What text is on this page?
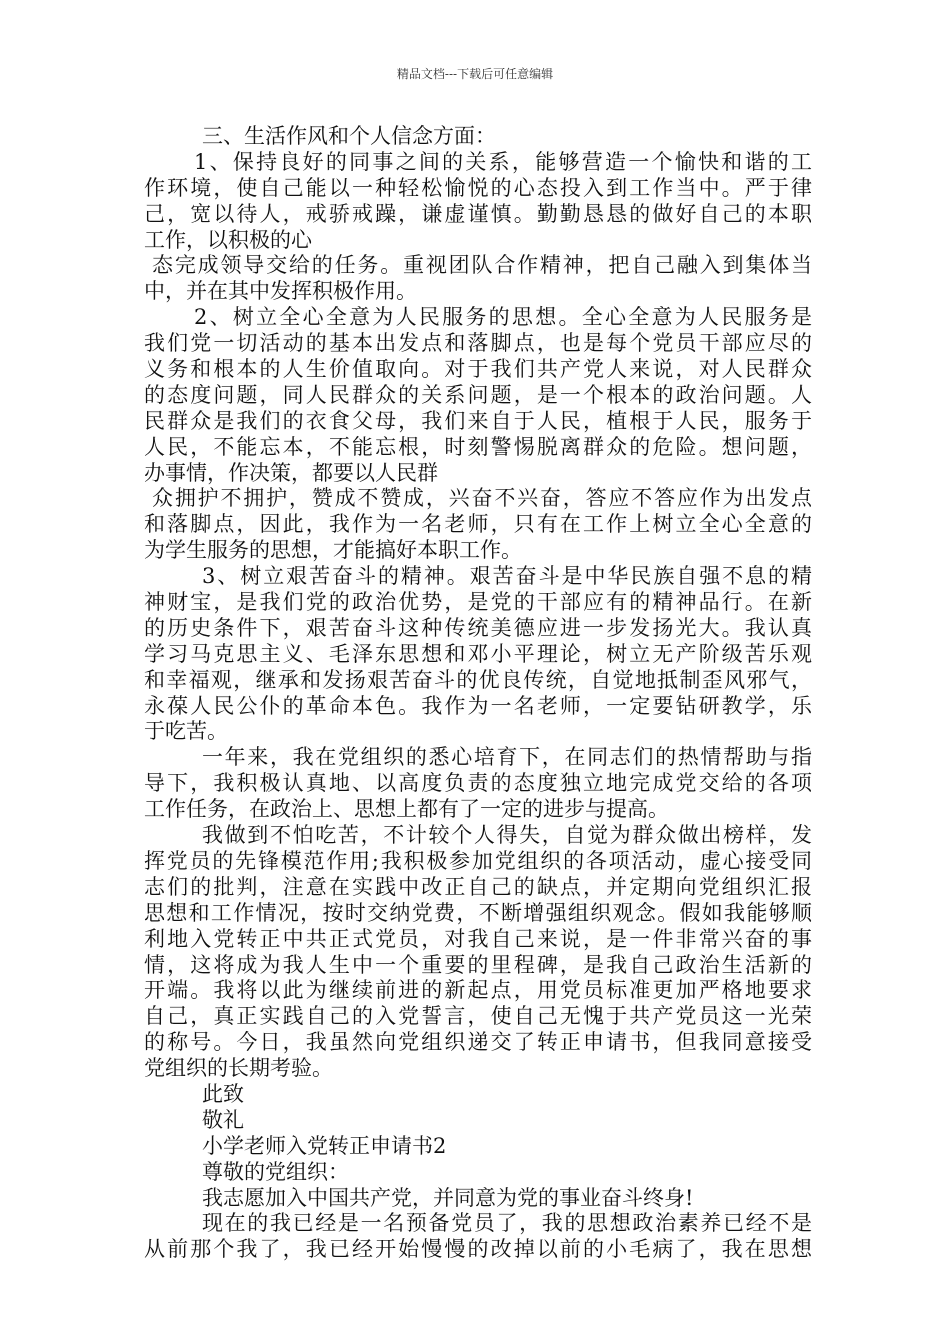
精品文档---下载后可任意编辑
三、生活作风和个人信念方面：
1、保持良好的同事之间的关系，能够营造一个愉快和谐的工
作环境，使自己能以一种轻松愉悦的心态投入到工作当中。严于律
己，宽以待人，戒骄戒躁，谦虚谨慎。勤勤恳恳的做好自己的本职
工作，以积极的心
态完成领导交给的任务。重视团队合作精神，把自己融入到集体当
中，并在其中发挥积极作用。
2、树立全心全意为人民服务的思想。全心全意为人民服务是
我们党一切活动的基本出发点和落脚点，也是每个党员干部应尽的
义务和根本的人生价值取向。对于我们共产党人来说，对人民群众
的态度问题，同人民群众的关系问题，是一个根本的政治问题。人
民群众是我们的衣食父母，我们来自于人民，植根于人民，服务于
人民，不能忘本，不能忘根，时刻警惕脱离群众的危险。想问题，
办事情，作决策，都要以人民群
众拥护不拥护，赞成不赞成，兴奋不兴奋，答应不答应作为出发点
和落脚点，因此，我作为一名老师，只有在工作上树立全心全意的
为学生服务的思想，才能搞好本职工作。
3、树立艰苦奋斗的精神。艰苦奋斗是中华民族自强不息的精
神财宝，是我们党的政治优势，是党的干部应有的精神品行。在新
的历史条件下，艰苦奋斗这种传统美德应进一步发扬光大。我认真
学习马克思主义、毛泽东思想和邓小平理论，树立无产阶级苦乐观
和幸福观，继承和发扬艰苦奋斗的优良传统，自觉地抵制歪风邪气，
永葆人民公仆的革命本色。我作为一名老师，一定要钻研教学，乐
于吃苦。
一年来，我在党组织的悉心培育下，在同志们的热情帮助与指
导下，我积极认真地、以高度负责的态度独立地完成党交给的各项
工作任务，在政治上、思想上都有了一定的进步与提高。
我做到不怕吃苦，不计较个人得失，自觉为群众做出榜样，发
挥党员的先锋模范作用;我积极参加党组织的各项活动，虚心接受同
志们的批判，注意在实践中改正自己的缺点，并定期向党组织汇报
思想和工作情况，按时交纳党费，不断增强组织观念。假如我能够顺
利地入党转正中共正式党员，对我自己来说，是一件非常兴奋的事
情，这将成为我人生中一个重要的里程碑，是我自己政治生活新的
开端。我将以此为继续前进的新起点，用党员标准更加严格地要求
自己，真正实践自己的入党誓言，使自己无愧于共产党员这一光荣
的称号。今日，我虽然向党组织递交了转正申请书，但我同意接受
党组织的长期考验。
此致
敬礼
小学老师入党转正申请书2
尊敬的党组织：
我志愿加入中国共产党，并同意为党的事业奋斗终身!
现在的我已经是一名预备党员了，我的思想政治素养已经不是
从前那个我了，我已经开始慢慢的改掉以前的小毛病了，我在思想
